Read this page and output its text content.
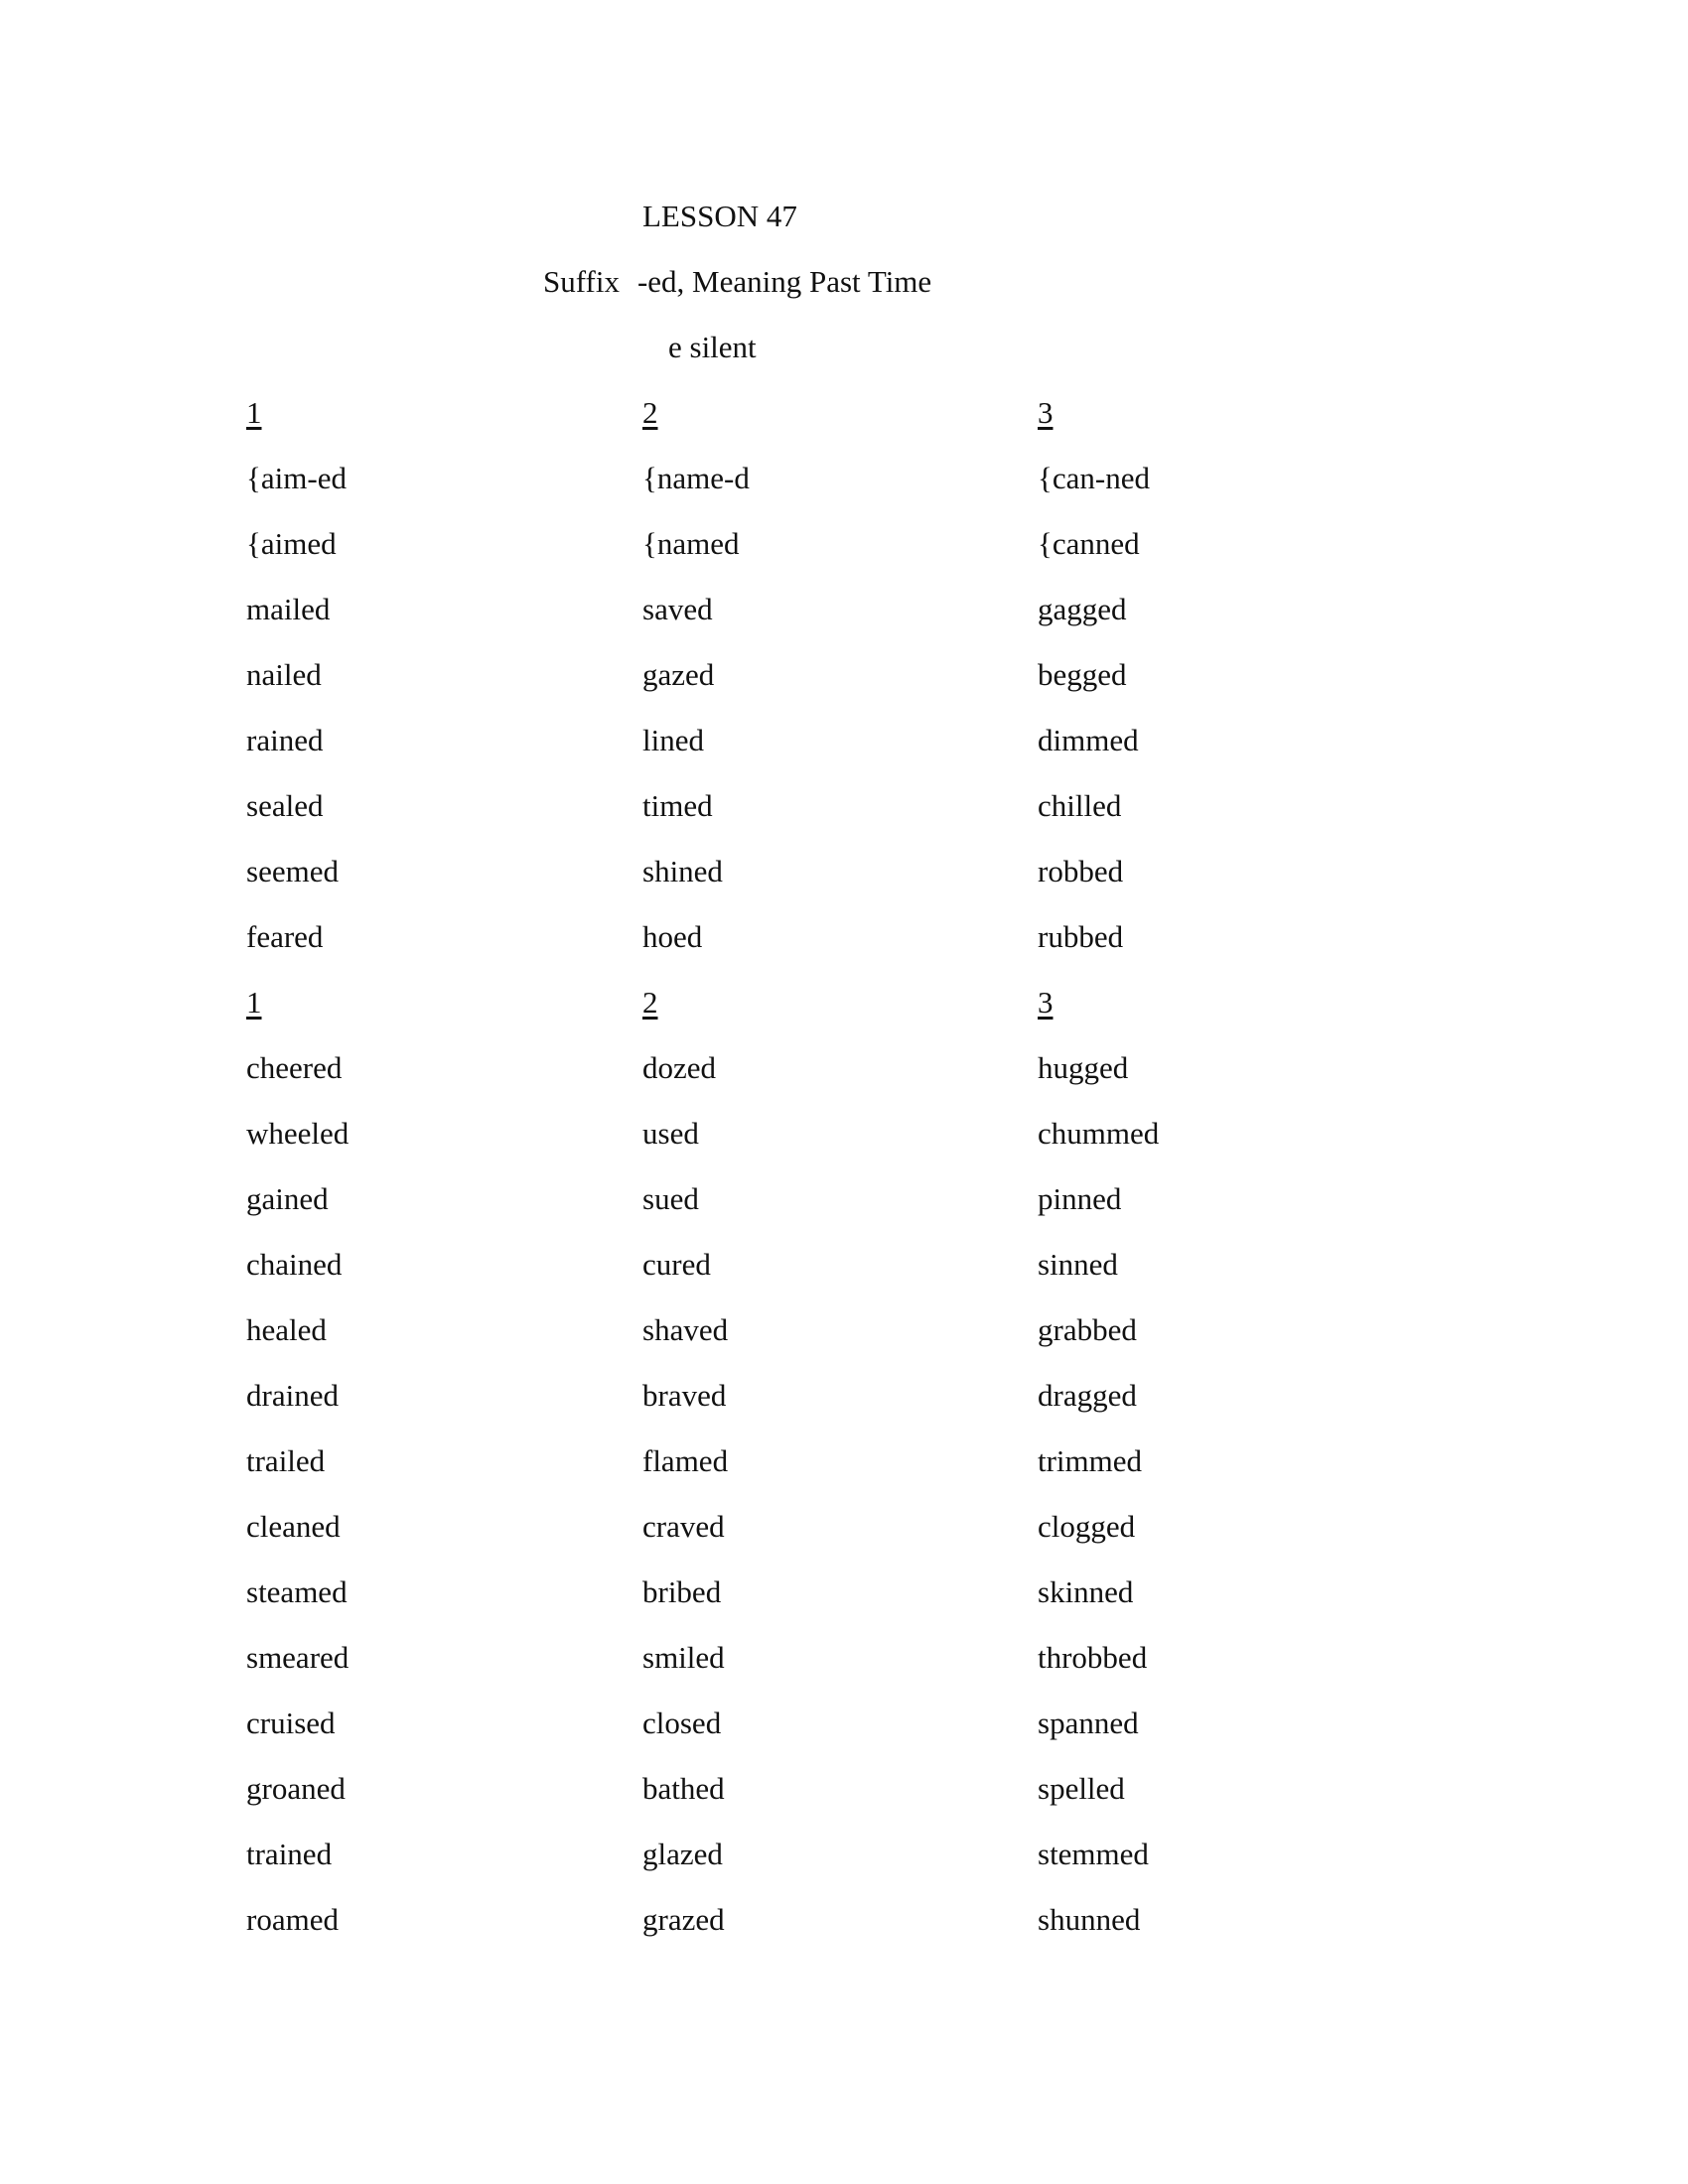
LESSON 47
Suffix -ed, Meaning Past Time
e silent
1
{aim-ed
{aimed
mailed
nailed
rained
sealed
seemed
feared
1
cheered
wheeled
gained
chained
healed
drained
trailed
cleaned
steamed
smeared
cruised
groaned
trained
roamed
2
{name-d
{named
saved
gazed
lined
timed
shined
hoed
2
dozed
used
sued
cured
shaved
braved
flamed
craved
bribed
smiled
closed
bathed
glazed
grazed
3
{can-ned
{canned
gagged
begged
dimmed
chilled
robbed
rubbed
3
hugged
chummed
pinned
sinned
grabbed
dragged
trimmed
clogged
skinned
throbbed
spanned
spelled
stemmed
shunned
